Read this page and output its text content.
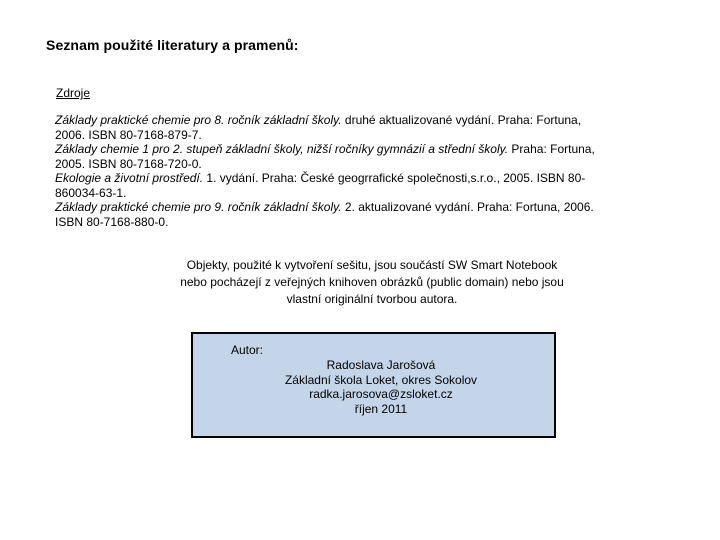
Seznam použité literatury a pramenů:
Zdroje

Základy praktické chemie pro 8. ročník základní školy. druhé aktualizované vydání. Praha: Fortuna, 2006. ISBN 80-7168-879-7.

Základy chemie 1 pro 2. stupeň základní školy, nižší ročníky gymnázií a střední školy. Praha: Fortuna, 2005. ISBN 80-7168-720-0.

Ekologie a životní prostředí. 1. vydání. Praha: České geogrrafické společnosti,s.r.o., 2005. ISBN 80-860034-63-1.

Základy praktické chemie pro 9. ročník základní školy. 2. aktualizované vydání. Praha: Fortuna, 2006. ISBN 80-7168-880-0.

Objekty, použité k vytvoření sešitu, jsou součástí SW Smart Notebook nebo pocházejí z veřejných knihoven obrázků (public domain) nebo jsou vlastní originální tvorbou autora.
Autor:
Radoslava Jarošová
Základní škola Loket, okres Sokolov
radka.jarosova@zsloket.cz
říjen 2011
